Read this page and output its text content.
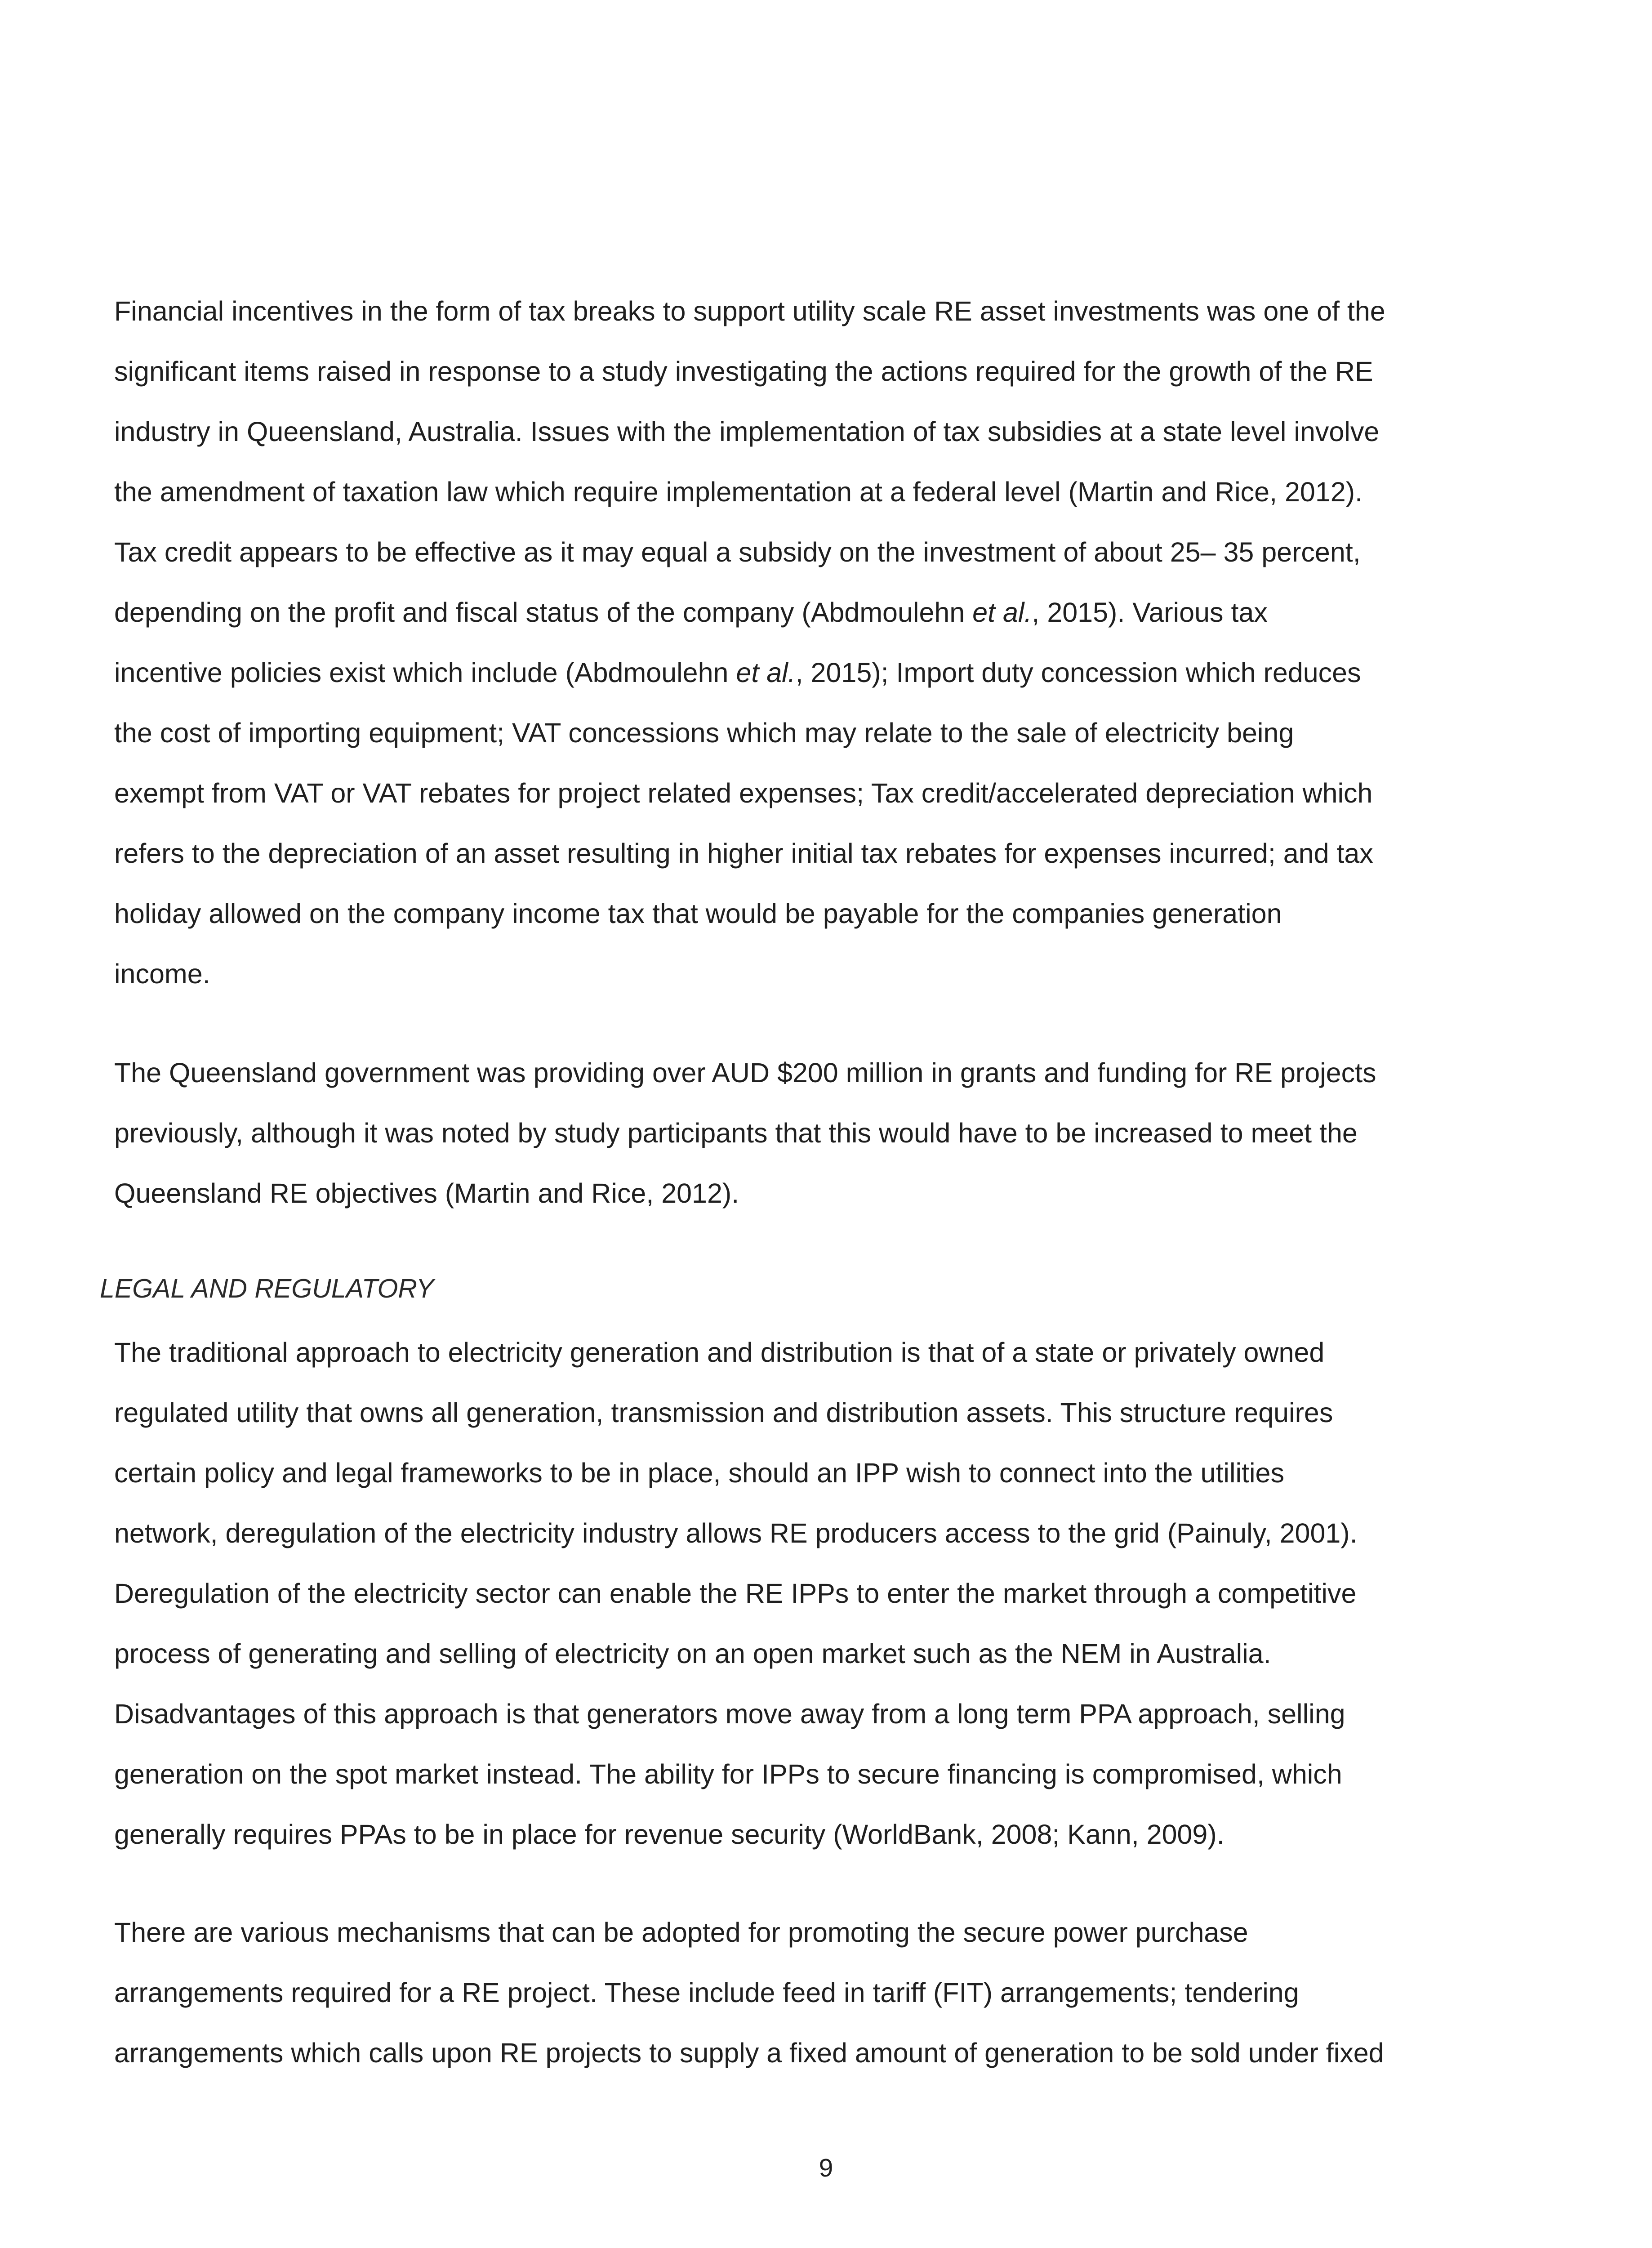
Financial incentives in the form of tax breaks to support utility scale RE asset investments was one of the
significant items raised in response to a study investigating the actions required for the growth of the RE
industry in Queensland, Australia. Issues with the implementation of tax subsidies at a state level involve
the amendment of taxation law which require implementation at a federal level (Martin and Rice, 2012).
Tax credit appears to be effective as it may equal a subsidy on the investment of about 25– 35 percent,
depending on the profit and fiscal status of the company (Abdmoulehn et al., 2015). Various tax
incentive policies exist which include (Abdmoulehn et al., 2015); Import duty concession which reduces
the cost of importing equipment; VAT concessions which may relate to the sale of electricity being
exempt from VAT or VAT rebates for project related expenses; Tax credit/accelerated depreciation which
refers to the depreciation of an asset resulting in higher initial tax rebates for expenses incurred; and tax
holiday allowed on the company income tax that would be payable for the companies generation
income.
The Queensland government was providing over AUD $200 million in grants and funding for RE projects
previously, although it was noted by study participants that this would have to be increased to meet the
Queensland RE objectives (Martin and Rice, 2012).
LEGAL AND REGULATORY
The traditional approach to electricity generation and distribution is that of a state or privately owned
regulated utility that owns all generation, transmission and distribution assets. This structure requires
certain policy and legal frameworks to be in place, should an IPP wish to connect into the utilities
network, deregulation of the electricity industry allows RE producers access to the grid (Painuly, 2001).
Deregulation of the electricity sector can enable the RE IPPs to enter the market through a competitive
process of generating and selling of electricity on an open market such as the NEM in Australia.
Disadvantages of this approach is that generators move away from a long term PPA approach, selling
generation on the spot market instead. The ability for IPPs to secure financing is compromised, which
generally requires PPAs to be in place for revenue security (WorldBank, 2008; Kann, 2009).
There are various mechanisms that can be adopted for promoting the secure power purchase
arrangements required for a RE project. These include feed in tariff (FIT) arrangements; tendering
arrangements which calls upon RE projects to supply a fixed amount of generation to be sold under fixed
9
